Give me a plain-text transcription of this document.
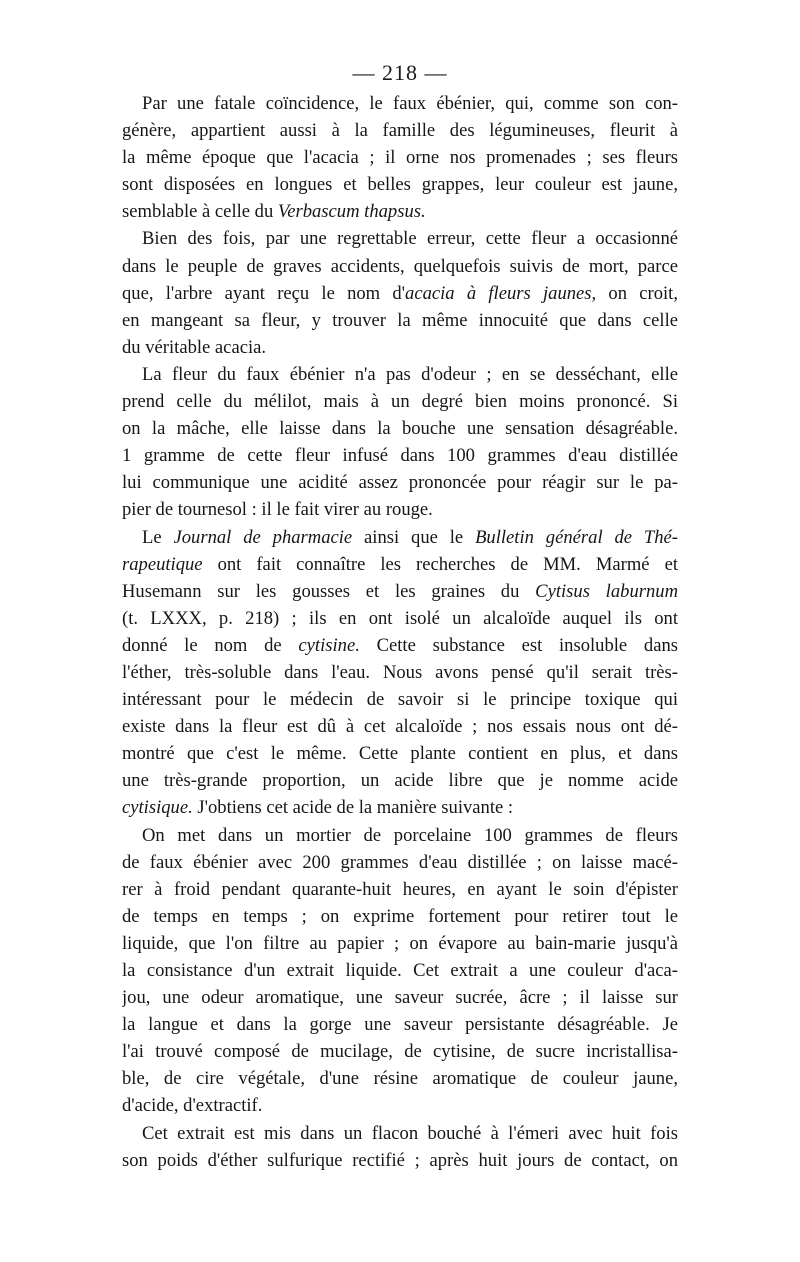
— 218 —
Par une fatale coïncidence, le faux ébénier, qui, comme son con-
génère, appartient aussi à la famille des légumineuses, fleurit à
la même époque que l'acacia ; il orne nos promenades ; ses fleurs
sont disposées en longues et belles grappes, leur couleur est jaune,
semblable à celle du Verbascum thapsus.
Bien des fois, par une regrettable erreur, cette fleur a occasionné
dans le peuple de graves accidents, quelquefois suivis de mort, parce
que, l'arbre ayant reçu le nom d'acacia à fleurs jaunes, on croit,
en mangeant sa fleur, y trouver la même innocuité que dans celle
du véritable acacia.
La fleur du faux ébénier n'a pas d'odeur ; en se desséchant, elle
prend celle du mélilot, mais à un degré bien moins prononcé. Si
on la mâche, elle laisse dans la bouche une sensation désagréable.
1 gramme de cette fleur infusé dans 100 grammes d'eau distillée
lui communique une acidité assez prononcée pour réagir sur le pa-
pier de tournesol : il le fait virer au rouge.
Le Journal de pharmacie ainsi que le Bulletin général de Thé-
rapeutique ont fait connaître les recherches de MM. Marmé et
Husemann sur les gousses et les graines du Cytisus laburnum
(t. LXXX, p. 218) ; ils en ont isolé un alcaloïde auquel ils ont
donné le nom de cytisine. Cette substance est insoluble dans
l'éther, très-soluble dans l'eau. Nous avons pensé qu'il serait très-
intéressant pour le médecin de savoir si le principe toxique qui
existe dans la fleur est dû à cet alcaloïde ; nos essais nous ont dé-
montré que c'est le même. Cette plante contient en plus, et dans
une très-grande proportion, un acide libre que je nomme acide
cytisique. J'obtiens cet acide de la manière suivante :
On met dans un mortier de porcelaine 100 grammes de fleurs
de faux ébénier avec 200 grammes d'eau distillée ; on laisse macé-
rer à froid pendant quarante-huit heures, en ayant le soin d'épister
de temps en temps ; on exprime fortement pour retirer tout le
liquide, que l'on filtre au papier ; on évapore au bain-marie jusqu'à
la consistance d'un extrait liquide. Cet extrait a une couleur d'aca-
jou, une odeur aromatique, une saveur sucrée, âcre ; il laisse sur
la langue et dans la gorge une saveur persistante désagréable. Je
l'ai trouvé composé de mucilage, de cytisine, de sucre incristallisa-
ble, de cire végétale, d'une résine aromatique de couleur jaune,
d'acide, d'extractif.
Cet extrait est mis dans un flacon bouché à l'émeri avec huit fois
son poids d'éther sulfurique rectifié ; après huit jours de contact, on
